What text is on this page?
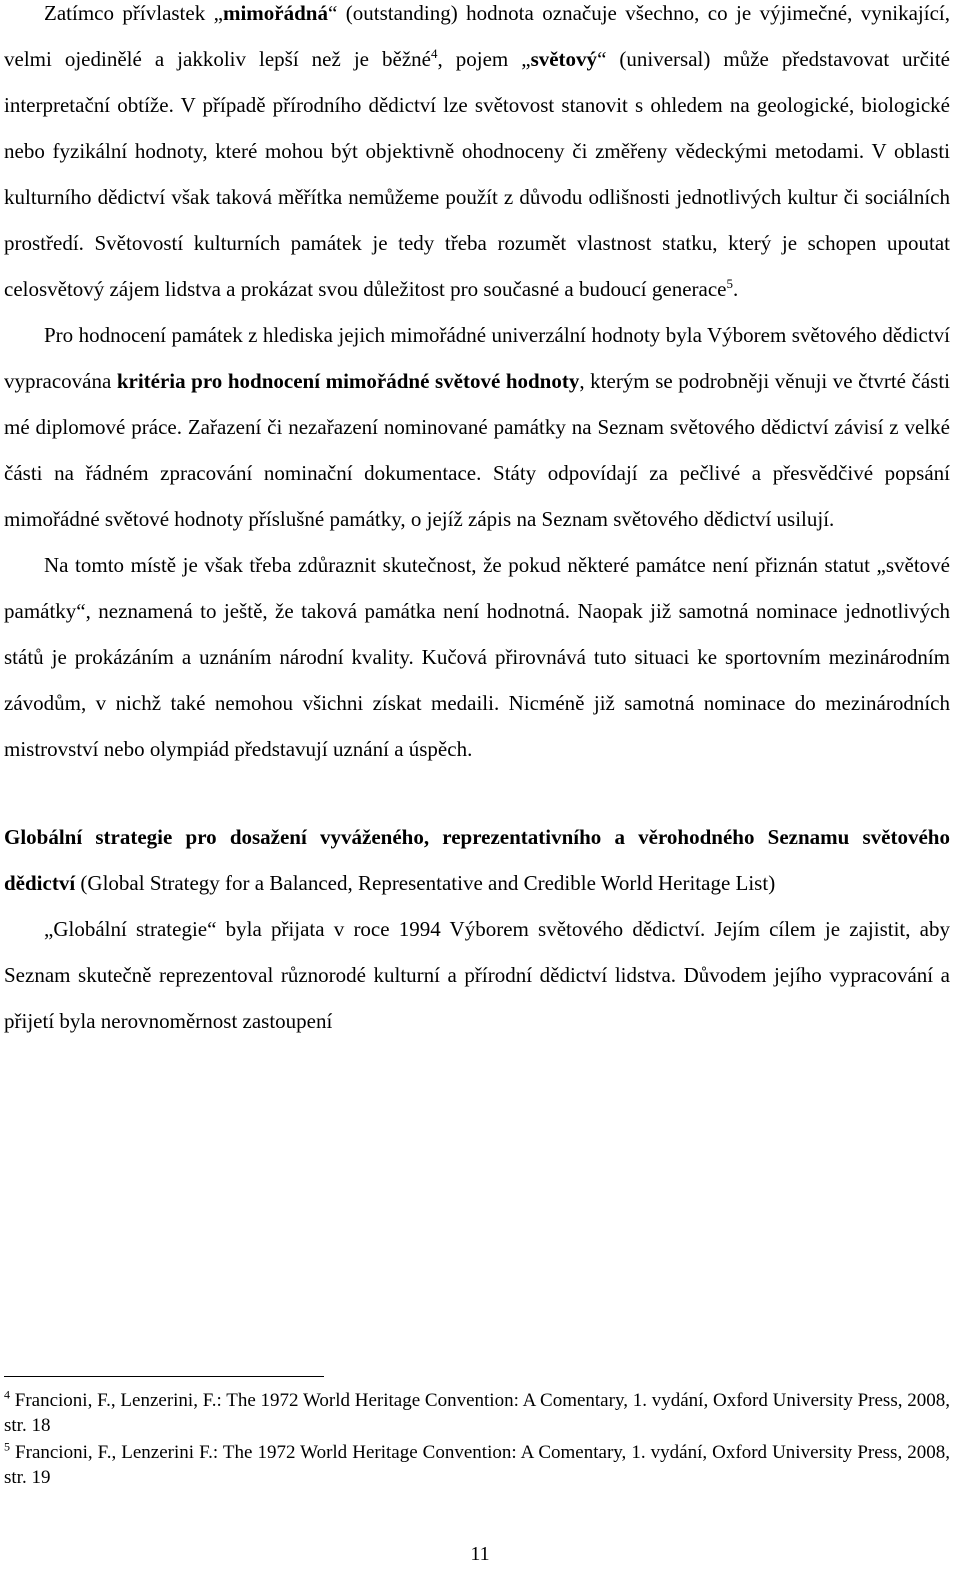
Zatímco přívlastek „mimořádná“ (outstanding) hodnota označuje všechno, co je výjimečné, vynikající, velmi ojedinělé a jakkoliv lepší než je běžné$^4$, pojem „světový“ (universal) může představovat určité interpretační obtíže. V případě přírodního dědictví lze světovost stanovit s ohledem na geologické, biologické nebo fyzikální hodnoty, které mohou být objektivně ohodnoceny či změřeny vědeckými metodami. V oblasti kulturního dědictví však taková měřítka nemůžeme použít z důvodu odlišnosti jednotlivých kultur či sociálních prostředí. Světovostí kulturních památek je tedy třeba rozumět vlastnost statku, který je schopen upoutat celosvětový zájem lidstva a prokázat svou důležitost pro současné a budoucí generace$^5$.

Pro hodnocení památek z hlediska jejich mimořádné univerzální hodnoty byla Výborem světového dědictví vypracována kritéria pro hodnocení mimořádné světové hodnoty, kterým se podrobněji věnuji ve čtvrté části mé diplomové práce. Zařazení či nezařazení nominované památky na Seznam světového dědictví závisí z velké části na řádném zpracování nominační dokumentace. Státy odpovídají za pečlivé a přesvědčivé popsání mimořádné světové hodnoty příslušné památky, o jejíž zápis na Seznam světového dědictví usilují.

Na tomto místě je však třeba zdůraznit skutečnost, že pokud některé památce není přiznán statut „světové památky“, neznamená to ještě, že taková památka není hodnotná. Naopak již samotná nominace jednotlivých států je prokázáním a uznáním národní kvality. Kučová přirovnává tuto situaci ke sportovním mezinárodním závodům, v nichž také nemohou všichni získat medaili. Nicméně již samotná nominace do mezinárodních mistrovství nebo olympiád představují uznání a úspěch.

Globální strategie pro dosažení vyváženého, reprezentativního a věrohodného Seznamu světového dědictví (Global Strategy for a Balanced, Representative and Credible World Heritage List)

„Globální strategie“ byla přijata v roce 1994 Výborem světového dědictví. Jejím cílem je zajistit, aby Seznam skutečně reprezentoval různorodé kulturní a přírodní dědictví lidstva. Důvodem jejího vypracování a přijetí byla nerovnoměrnost zastoupení

$^4$ Francioni, F., Lenzerini, F.: The 1972 World Heritage Convention: A Comentary, 1. vydání, Oxford University Press, 2008, str. 18

$^5$ Francioni, F., Lenzerini F.: The 1972 World Heritage Convention: A Comentary, 1. vydání, Oxford University Press, 2008, str. 19

11
